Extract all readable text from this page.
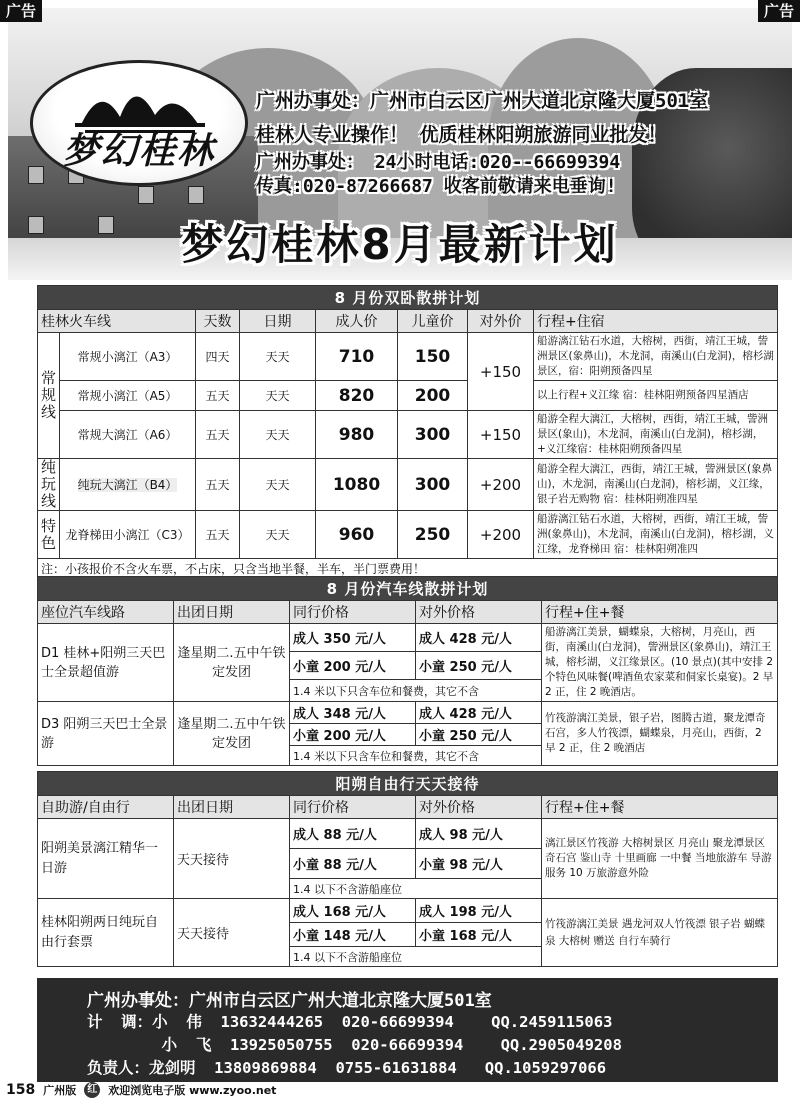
广告	广告
梦幻桂林
广州办事处：广州市白云区广州大道北京隆大厦501室
桂林人专业操作！ 优质桂林阳朔旅游同业批发！
广州办事处： 24小时电话:020--66699394
传真:020-87266687 收客前敬请来电垂询!
梦幻桂林8月最新计划
8 月份双卧散拼计划							
桂林火车线		天数	日期	成人价	儿童价	对外价	行程+住宿
常规线	常规小漓江（A3）	四天	天天	710	150	+150	船游漓江钻石水道，大榕树，西街，靖江王城，訾洲景区(象鼻山)，木龙洞，南溪山(白龙洞)，榕杉湖景区，宿：阳朔预备四星
	常规小漓江（A5）	五天	天天	820	200		以上行程+义江缘 宿：桂林阳朔预备四星酒店
	常规大漓江（A6）	五天	天天	980	300	+150	船游全程大漓江，大榕树，西街，靖江王城，訾洲景区(象山)，木龙洞，南溪山(白龙洞)，榕杉湖，+义江缘宿：桂林阳朔预备四星
纯玩线	纯玩大漓江（B4）	五天	天天	1080	300	+200	船游全程大漓江，西街，靖江王城，訾洲景区(象鼻山)，木龙洞，南溪山(白龙洞)，榕杉湖，义江缘，银子岩无购物 宿：桂林阳朔准四星
特色	龙脊梯田小漓江（C3）	五天	天天	960	250	+200	船游漓江钻石水道，大榕树，西街，靖江王城，訾洲(象鼻山)，木龙洞，南溪山(白龙洞)，榕杉湖，义江缘，龙脊梯田 宿：桂林阳朔准四
注：小孩报价不含火车票，不占床，只含当地半餐，半车，半门票费用！							
8 月份汽车线散拼计划				
座位汽车线路	出团日期	同行价格	对外价格	行程+住+餐
D1 桂林+阳朔三天巴士全景超值游	逢星期二.五中午铁定发团	成人 350 元/人	成人 428 元/人	船游漓江美景，蝴蝶泉，大榕树，月亮山，西街，南溪山(白龙洞)，訾洲景区(象鼻山)，靖江王城，榕杉湖，义江缘景区。(10 景点)(其中安排 2 个特色风味餐(啤酒鱼农家菜和侗家长桌宴)。2 早 2 正，住 2 晚酒店。
		小童 200 元/人	小童 250 元/人	
		1.4 米以下只含车位和餐费，其它不含		
D3 阳朔三天巴士全景游	逢星期二.五中午铁定发团	成人 348 元/人	成人 428 元/人	竹筏游漓江美景，银子岩，图腾古道，聚龙潭奇石宫，多人竹筏漂，蝴蝶泉，月亮山，西街，2 早 2 正，住 2 晚酒店
		小童 200 元/人	小童 250 元/人	
		1.4 米以下只含车位和餐费，其它不含		
阳朔自由行天天接待				
自助游/自由行	出团日期	同行价格	对外价格	行程+住+餐
阳朔美景漓江精华一日游	天天接待	成人 88 元/人	成人 98 元/人	漓江景区竹筏游 大榕树景区 月亮山 聚龙潭景区 奇石宫 鉴山寺 十里画廊 一中餐 当地旅游车 导游服务 10 万旅游意外险
		小童 88 元/人	小童 98 元/人	
		1.4 以下不含游船座位		
桂林阳朔两日纯玩自由行套票	天天接待	成人 168 元/人	成人 198 元/人	竹筏游漓江美景 遇龙河双人竹筏漂 银子岩 蝴蝶泉 大榕树 赠送 自行车骑行
		小童 148 元/人	小童 168 元/人	
		1.4 以下不含游船座位		
广州办事处：广州市白云区广州大道北京隆大厦501室
计  调：小  伟  13632444265  020-66699394    QQ.2459115063
小  飞  13925050755  020-66699394    QQ.2905049208
负责人：龙剑明  13809869884  0755-61631884   QQ.1059297066
158 广州版	红 欢迎浏览电子版 www.zyoo.net
